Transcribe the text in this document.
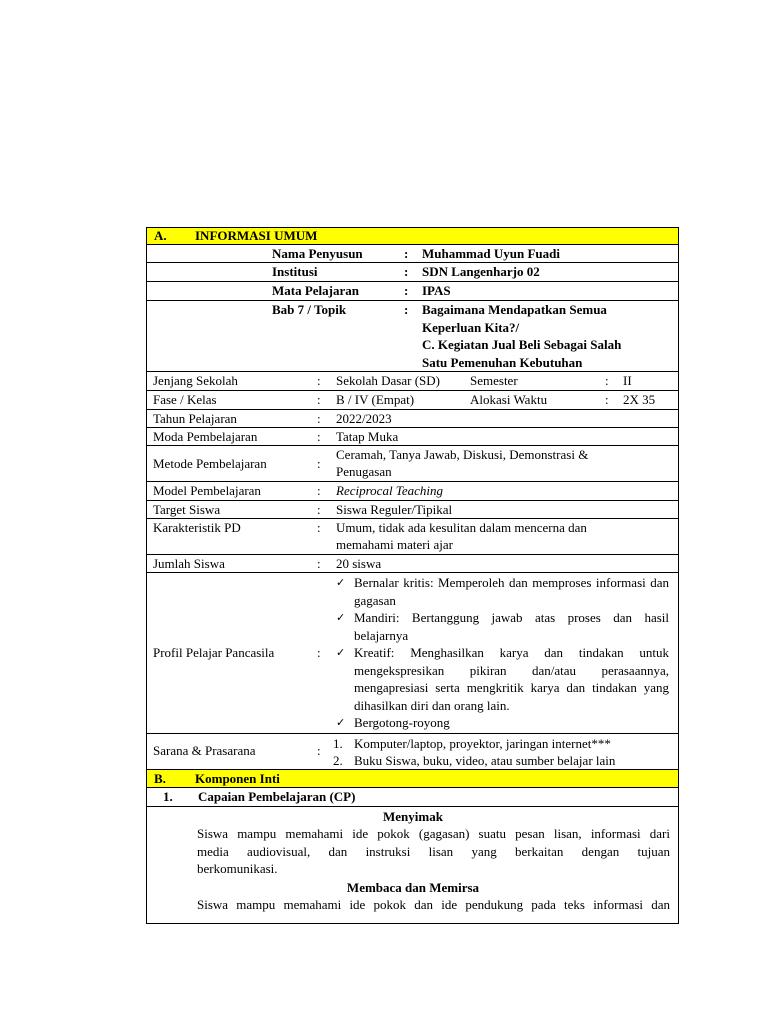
A. INFORMASI UMUM

Nama Penyusun	: Muhammad Uyun Fuadi

Institusi	: SDN Langenharjo 02

Mata Pelajaran	: IPAS

Bab 7 / Topik	: Bagaimana Mendapatkan Semua
Keperluan Kita?/
C. Kegiatan Jual Beli Sebagai Salah
Satu Pemenuhan Kebutuhan

Jenjang Sekolah	: Sekolah Dasar (SD)	Semester	: II

Fase / Kelas	: B / IV (Empat)	Alokasi Waktu	: 2X 35

Tahun Pelajaran	: 2022/2023

Moda Pembelajaran	: Tatap Muka

Metode Pembelajaran	:
Ceramah, Tanya Jawab, Diskusi, Demonstrasi &
Penugasan

Model Pembelajaran	: Reciprocal Teaching

Target Siswa	: Siswa Reguler/Tipikal

Karakteristik PD	: Umum, tidak ada kesulitan dalam mencerna dan
memahami materi ajar

Jumlah Siswa	: 20 siswa

Profil Pelajar Pancasila	:
✓ Bernalar kritis: Memperoleh dan memproses informasi dan gagasan
✓ Mandiri: Bertanggung jawab atas proses dan hasil belajarnya
✓ Kreatif: Menghasilkan karya dan tindakan untuk mengekspresikan pikiran dan/atau perasaannya, mengapresiasi serta mengkritik karya dan tindakan yang dihasilkan diri dan orang lain.
✓ Bergotong-royong

Sarana & Prasarana	: 1. Komputer/laptop, proyektor, jaringan internet***
2. Buku Siswa, buku, video, atau sumber belajar lain

B. Komponen Inti

1. Capaian Pembelajaran (CP)

Menyimak
Siswa mampu memahami ide pokok (gagasan) suatu pesan lisan, informasi dari
media audiovisual, dan instruksi lisan yang berkaitan dengan tujuan
berkomunikasi.
Membaca dan Memirsa
Siswa mampu memahami ide pokok dan ide pendukung pada teks informasi dan
